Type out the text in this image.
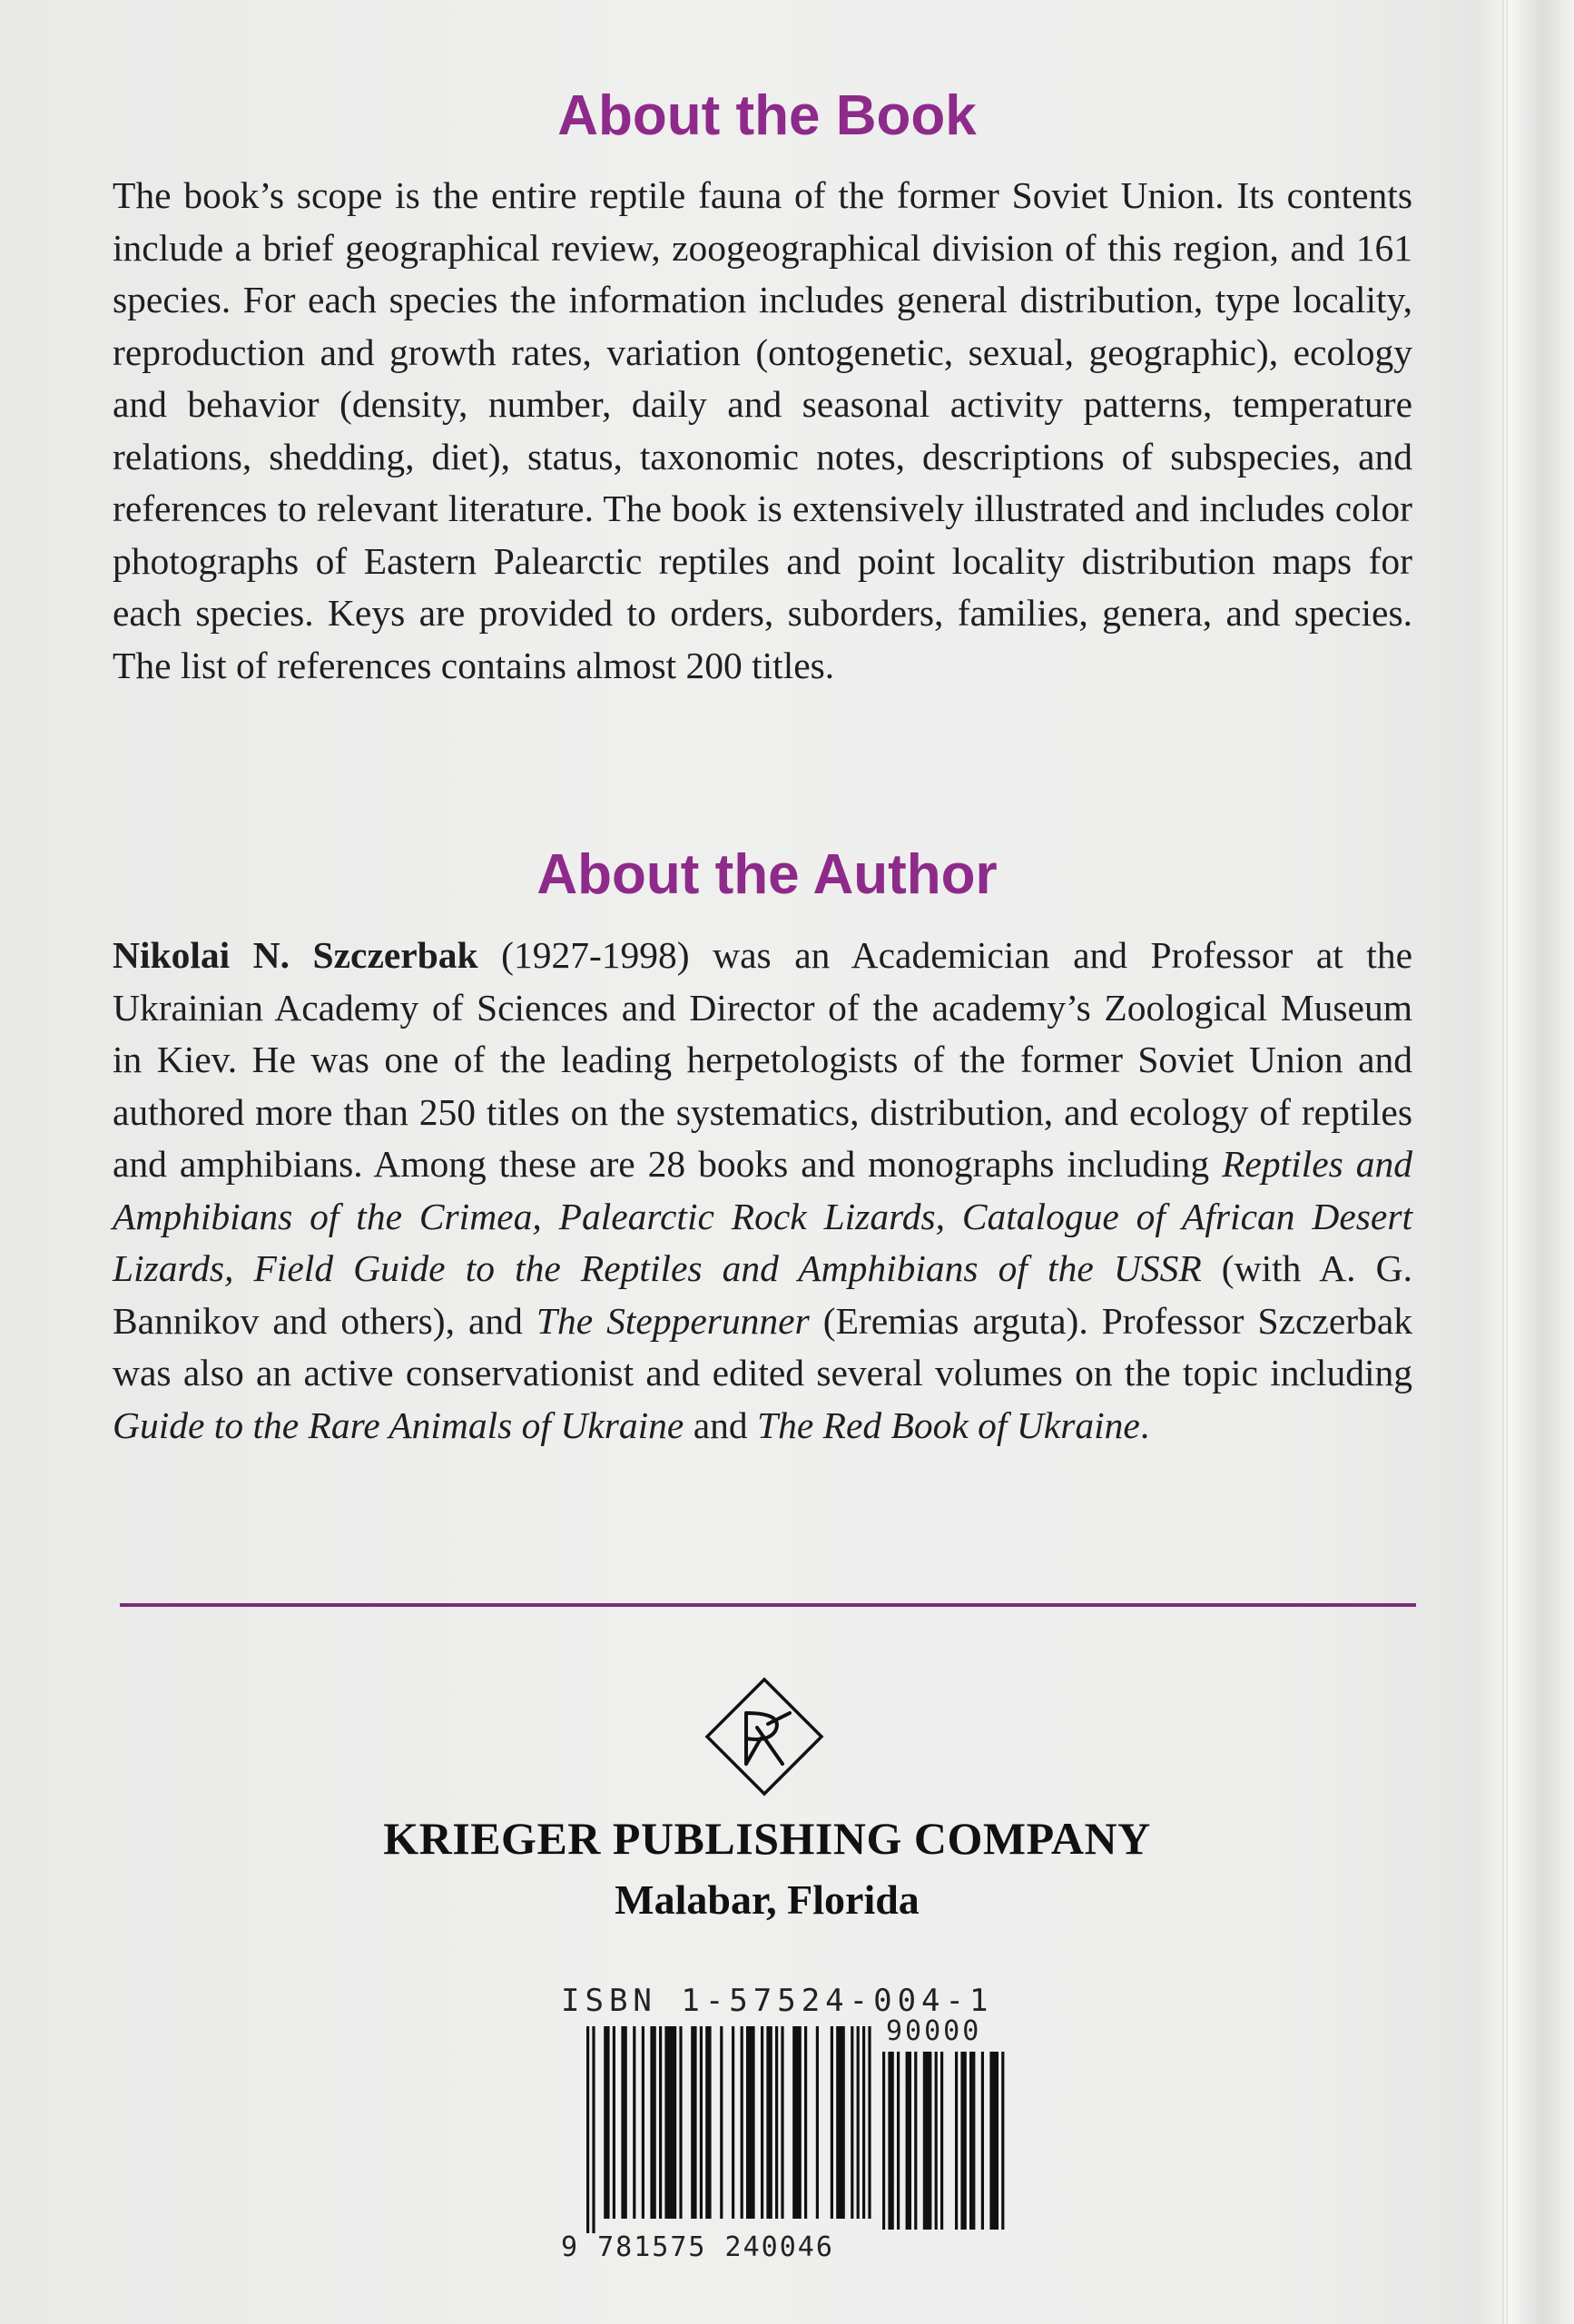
About the Book

The book’s scope is the entire reptile fauna of the former Soviet Union. Its contents include a brief geographical review, zoogeographical division of this region, and 161 species. For each species the information includes general distribution, type locality, reproduction and growth rates, variation (ontogenetic, sexual, geographic), ecology and behavior (density, number, daily and seasonal activity patterns, temperature relations, shedding, diet), status, taxonomic notes, descriptions of subspecies, and references to relevant literature. The book is extensively illustrated and includes color photographs of Eastern Palearctic reptiles and point locality distribution maps for each species. Keys are provided to orders, suborders, families, genera, and species. The list of references contains almost 200 titles.

About the Author

Nikolai N. Szczerbak (1927-1998) was an Academician and Professor at the Ukrainian Academy of Sciences and Director of the academy’s Zoological Museum in Kiev. He was one of the leading herpetologists of the former Soviet Union and authored more than 250 titles on the systematics, distribution, and ecology of reptiles and amphibians. Among these are 28 books and monographs including Reptiles and Amphibians of the Crimea, Palearctic Rock Lizards, Catalogue of African Desert Lizards, Field Guide to the Reptiles and Amphibians of the USSR (with A. G. Bannikov and others), and The Stepperunner (Eremias arguta). Professor Szczerbak was also an active conservationist and edited several volumes on the topic including Guide to the Rare Animals of Ukraine and The Red Book of Ukraine.

KRIEGER PUBLISHING COMPANY

Malabar, Florida

ISBN 1-57524-004-1

90000

9 781575 240046
